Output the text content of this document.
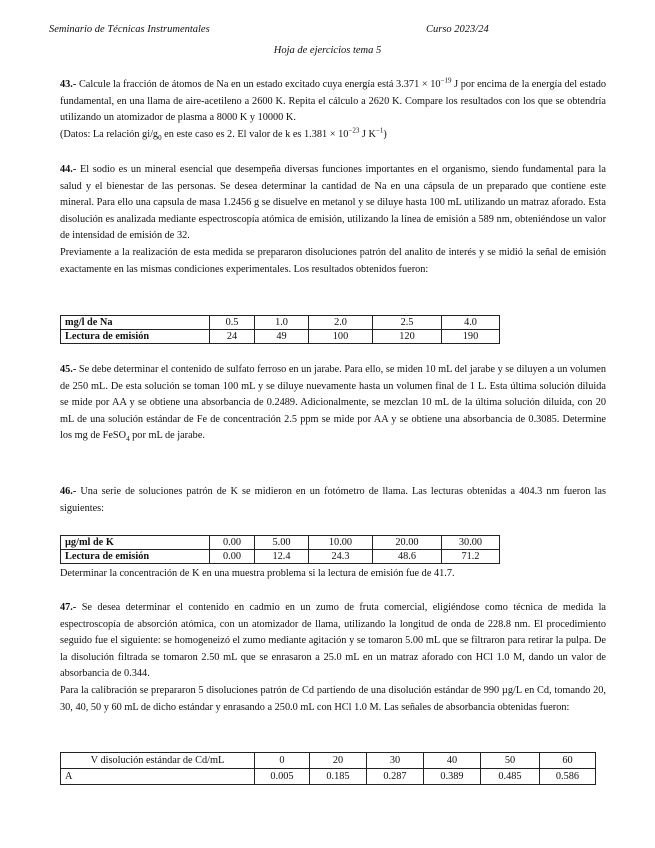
Seminario de Técnicas Instrumentales	Curso 2023/24
Hoja de ejercicios tema 5

43.- Calcule la fracción de átomos de Na en un estado excitado cuya energía está $3.371 \times 10^{-19}$ J por encima de la energía del estado fundamental, en una llama de aire-acetileno a 2600 K. Repita el cálculo a 2620 K. Compare los resultados con los que se obtendría utilizando un atomizador de plasma a 8000 K y 10000 K.

(Datos: La relación $gi/g_0$ en este caso es 2. El valor de k es $1.381 \times 10^{-23}$ J $K^{-1}$)

44.- El sodio es un mineral esencial que desempeña diversas funciones importantes en el organismo, siendo fundamental para la salud y el bienestar de las personas. Se desea determinar la cantidad de Na en una cápsula de un preparado que contiene este mineral. Para ello una capsula de masa 1.2456 g se disuelve en metanol y se diluye hasta 100 mL utilizando un matraz aforado. Esta disolución es analizada mediante espectroscopía atómica de emisión, utilizando la línea de emisión a 589 nm, obteniéndose un valor de intensidad de emisión de 32.

Previamente a la realización de esta medida se prepararon disoluciones patrón del analito de interés y se midió la señal de emisión exactamente en las mismas condiciones experimentales. Los resultados obtenidos fueron:

mg/l de Na	0.5	1.0	2.0	2.5	4.0
Lectura de emisión	24	49	100	120	190

45.- Se debe determinar el contenido de sulfato ferroso en un jarabe. Para ello, se miden 10 mL del jarabe y se diluyen a un volumen de 250 mL. De esta solución se toman 100 mL y se diluye nuevamente hasta un volumen final de 1 L. Esta última solución diluida se mide por AA y se obtiene una absorbancia de 0.2489. Adicionalmente, se mezclan 10 mL de la última solución diluida, con 20 mL de una solución estándar de Fe de concentración 2.5 ppm se mide por AA y se obtiene una absorbancia de 0.3085. Determine los mg de FeSO$_4$ por mL de jarabe.

46.- Una serie de soluciones patrón de K se midieron en un fotómetro de llama. Las lecturas obtenidas a 404.3 nm fueron las siguientes:

µg/ml de K	0.00	5.00	10.00	20.00	30.00
Lectura de emisión	0.00	12.4	24.3	48.6	71.2

Determinar la concentración de K en una muestra problema si la lectura de emisión fue de 41.7.

47.- Se desea determinar el contenido en cadmio en un zumo de fruta comercial, eligiéndose como técnica de medida la espectroscopía de absorción atómica, con un atomizador de llama, utilizando la longitud de onda de 228.8 nm. El procedimiento seguido fue el siguiente: se homogeneizó el zumo mediante agitación y se tomaron 5.00 mL que se filtraron para retirar la pulpa. De la disolución filtrada se tomaron 2.50 mL que se enrasaron a 25.0 mL en un matraz aforado con HCl 1.0 M, dando un valor de absorbancia de 0.344.

Para la calibración se prepararon 5 disoluciones patrón de Cd partiendo de una disolución estándar de 990 µg/L en Cd, tomando 20, 30, 40, 50 y 60 mL de dicho estándar y enrasando a 250.0 mL con HCl 1.0 M. Las señales de absorbancia obtenidas fueron:

V disolución estándar de Cd/mL	0	20	30	40	50	60
A	0.005	0.185	0.287	0.389	0.485	0.586
